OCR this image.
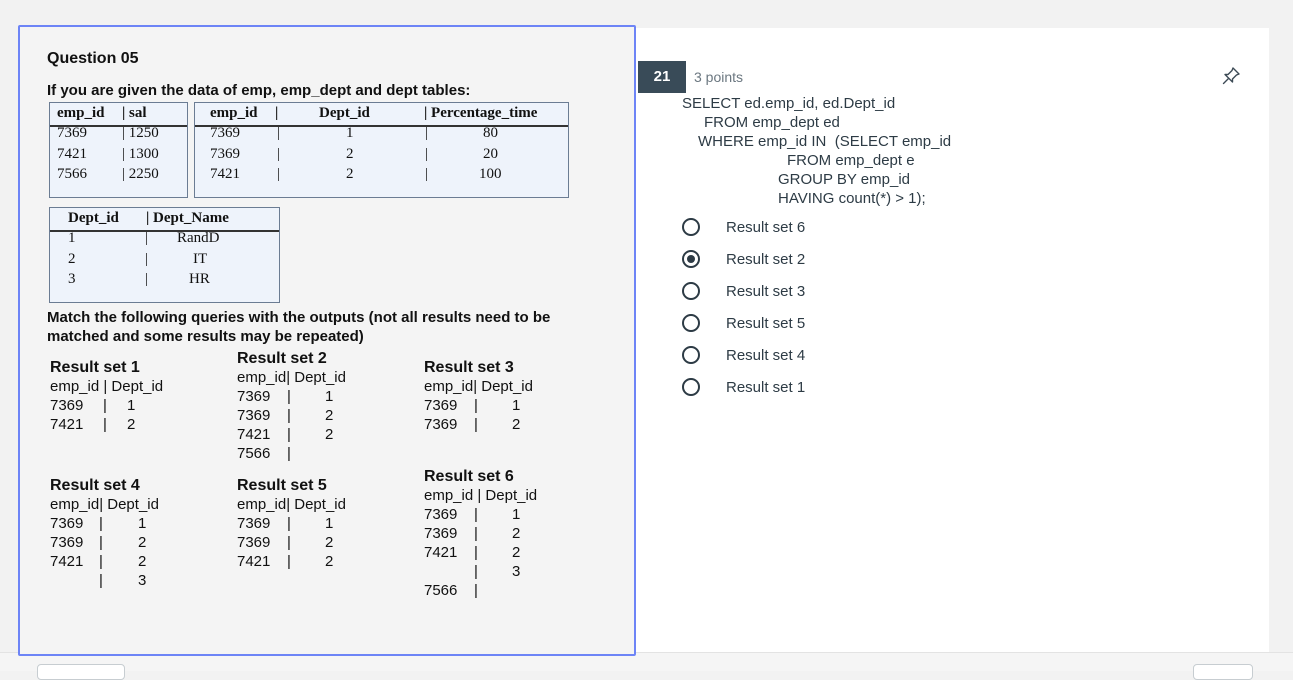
Question 05
If you are given the data of emp, emp_dept and dept tables:
emp_id | sal
7369 | 1250
7421 | 1300
7566 | 2250
emp_id |	Dept_id	| Percentage_time
7369 |	1	|	80
7369 |	2	|	20
7421 |	2	|	100
Dept_id | Dept_Name
1	| RandD
2	|	IT
3	|	HR
Match the following queries with the outputs (not all results need to be matched and some results may be repeated)
Result set 1
emp_id | Dept_id
7369 | 1
7421 | 2
Result set 2
emp_id| Dept_id
7369 | 1
7369 | 2
7421 | 2
7566 |
Result set 3
emp_id| Dept_id
7369 | 1
7369 | 2
Result set 4
emp_id| Dept_id
7369 | 1
7369 | 2
7421 | 2
| 3
Result set 5
emp_id| Dept_id
7369 | 1
7369 | 2
7421 | 2
Result set 6
emp_id | Dept_id
7369 | 1
7369 | 2
7421 | 2
| 3
7566 |
21	3 points
SELECT ed.emp_id, ed.Dept_id
FROM emp_dept ed
WHERE emp_id IN  (SELECT emp_id
FROM emp_dept e
GROUP BY emp_id
HAVING count(*) > 1);
Result set 6
Result set 2
Result set 3
Result set 5
Result set 4
Result set 1
